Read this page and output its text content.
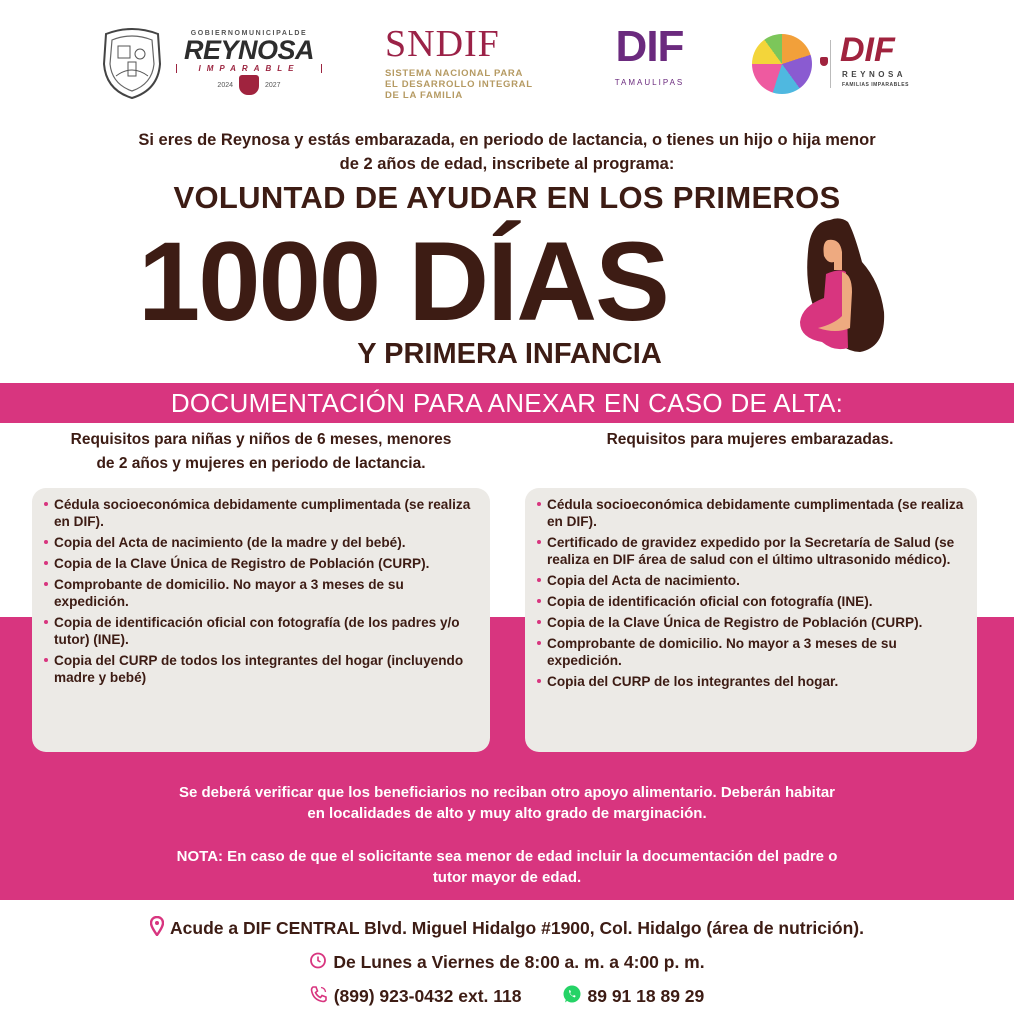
GOBIERNOMUNICIPALDE
REYNOSA
IMPARABLE
2024	2027
SNDIF
SISTEMA NACIONAL PARA
EL DESARROLLO INTEGRAL
DE LA FAMILIA
DIF
TAMAULIPAS
DIF
REYNOSA
FAMILIAS IMPARABLES
Si eres de Reynosa y estás embarazada, en periodo de lactancia, o tienes un hijo o hija menor
de 2 años de edad, inscribete al programa:
VOLUNTAD DE AYUDAR EN LOS PRIMEROS
1000 DÍAS
Y PRIMERA INFANCIA
DOCUMENTACIÓN PARA ANEXAR EN CASO DE ALTA:
Requisitos para niñas y niños de 6 meses, menores
de 2 años y mujeres en periodo de lactancia.
Requisitos para mujeres embarazadas.
Cédula socioeconómica debidamente cumplimentada (se realiza en DIF).
Copia del Acta de nacimiento (de la madre y del bebé).
Copia de la Clave Única de Registro de Población (CURP).
Comprobante de domicilio. No mayor a 3 meses de su expedición.
Copia de identificación oficial con fotografía (de los padres y/o tutor) (INE).
Copia del CURP de todos los integrantes del hogar (incluyendo madre y bebé)
Cédula socioeconómica debidamente cumplimentada (se realiza en DIF).
Certificado de gravidez expedido por la Secretaría de Salud (se realiza en DIF área de salud con el último ultrasonido médico).
Copia del Acta de nacimiento.
Copia de identificación oficial con fotografía (INE).
Copia de la Clave Única de Registro de Población (CURP).
Comprobante de domicilio. No mayor a 3 meses de su expedición.
Copia del CURP de los integrantes del hogar.
Se deberá verificar que los beneficiarios no reciban otro apoyo alimentario. Deberán habitar
en localidades de alto y muy alto grado de marginación.
NOTA: En caso de que el solicitante sea menor de edad incluir la documentación del padre o
tutor mayor de edad.
Acude a DIF CENTRAL Blvd. Miguel Hidalgo #1900, Col. Hidalgo (área de nutrición).
De Lunes a Viernes de 8:00 a. m. a 4:00 p. m.
(899) 923-0432 ext. 118	89 91 18 89 29
